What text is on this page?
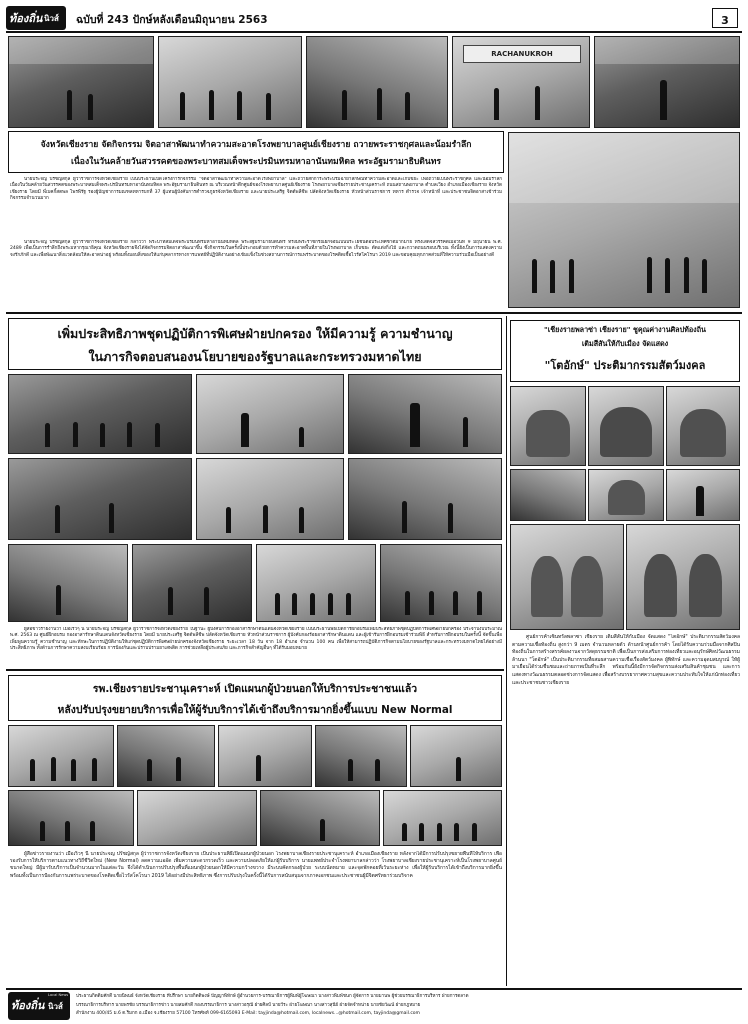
ท้องถิ่น นิวส์ ฉบับที่ 243 ปักษ์หลังเดือนมิถุนายน 2563	3
RACHANUKROH
จังหวัดเชียงราย จัดกิจกรรม จิตอาสาพัฒนาทำความสะอาดโรงพยาบาลศูนย์เชียงราย ถวายพระราชกุศลและน้อมรำลึก
เนื่องในวันคล้ายวันสวรรคตของพระบาทสมเด็จพระปรมินทรมหาอานันทมหิดล พระอัฐมรามาธิบดินทร
นายประจญ ปรัชญ์สกุล ผู้ว่าราชการจังหวัดเชียงราย เป็นประธานเปิดโครงการกิจกรรม "จิตอาสาพัฒนาทำความสะอาดโรงพยาบาล" และถวายสักการะพระบรมฉายาลักษณ์ทำความสะอาดและเก็บขยะ เพื่อถวายเป็นพระราชกุศล และน้อมรำลึกเนื่องในวันคล้ายวันสวรรคตของพระบาทสมเด็จพระปรมินทรมหาอานันทมหิดล พระอัฐมรามาธิบดินทร ณ บริเวณหน้าตึกศูนย์ของโรงพยาบาลศูนย์เชียงราย โรงพยาบาลเชียงรายประชานุเคราะห์ ถนนสถานพยาบาล ตำบลเวียง อำเภอเมืองเชียงราย จังหวัดเชียงราย โดยมี พี่เบคกี้สตพล ไพรพิรัฐ รองผู้บัญชาการมณฑลทหารบกที่ 37 ผู้แทนผู้บังคับการตำรวจภูธรจังหวัดเชียงราย และนายประเสริฐ จิตต์พลีชีพ ปลัดจังหวัดเชียงราย หัวหน้าส่วนราชการ ทหาร ตำรวจ เจ้าหน้าที่ และประชาชนจิตอาสาเข้าร่วมกิจกรรมจำนวนมาก
นายประจญ ปรัชญ์สกุล ผู้ว่าราชการจังหวัดเชียงราย กล่าวว่า พระบาทสมเด็จพระปรมินทรมหาอานันทมหิดล พระอัฐมรามาธิบดินทร ทรงมีพระราชกรณียกิจอันเป็นประโยชน์ต่อประเทศชาติมากมาย ทรงเสด็จสวรรคตเมื่อวันที่ 9 มิถุนายน พ.ศ. 2489 เพื่อเป็นการรำลึกถึงพระมหากรุณาธิคุณ จังหวัดเชียงรายจึงได้จัดกิจกรรมจิตอาสาพัฒนาขึ้น ซึ่งกิจกรรมในครั้งนี้ประกอบด้วยการทำความสะอาดพื้นที่ภายในโรงพยาบาล เก็บขยะ ตัดแต่งกิ่งไม้ และกวาดถนนรอบบริเวณ ทั้งนี้ยังเป็นการแสดงความจงรักภักดี และเพื่อพัฒนาสิ่งแวดล้อมให้สะอาดน่าอยู่ พร้อมทั้งมอบสิ่งของให้แก่บุคลากรทางการแพทย์ที่ปฏิบัติงานอย่างเข้มแข็งในช่วงสถานการณ์การแพร่ระบาดของโรคติดเชื้อไวรัสโคโรนา 2019 และขอบคุณทุกภาคส่วนที่ให้ความร่วมมือเป็นอย่างดี
เพิ่มประสิทธิภาพชุดปฏิบัติการพิเศษฝ่ายปกครอง ให้มีความรู้ ความชำนาญ
ในภารกิจตอบสนองนโยบายของรัฐบาลและกระทรวงมหาดไทย
ผู้สื่อข่าวรายงานว่า เมื่อเร็วๆ นี้ นายประจญ ปรัชญ์สกุล ผู้ว่าราชการจังหวัดเชียงราย ในฐานะ ผู้บังคับการกองอาสารักษาดินแดนจังหวัดเชียงราย เป็นประธานพิธีเปิดการฝึกอบรมเพิ่มประสิทธิภาพชุดปฏิบัติการพิเศษฝ่ายปกครอง ประจำปีงบประมาณ พ.ศ. 2563 ณ ศูนย์ฝึกอบรม กองอาสารักษาดินแดนจังหวัดเชียงราย โดยมี นายประเสริฐ จิตต์พลีชีพ ปลัดจังหวัดเชียงราย หัวหน้าส่วนราชการ ผู้บังคับกองร้อยอาสารักษาดินแดน และผู้เข้ารับการฝึกอบรมเข้าร่วมพิธี สำหรับการฝึกอบรมในครั้งนี้ จัดขึ้นเพื่อเพิ่มพูนความรู้ ความชำนาญ และทักษะในการปฏิบัติงานให้แก่ชุดปฏิบัติการพิเศษฝ่ายปกครองจังหวัดเชียงราย ระยะเวลา 18 วัน จาก 18 อำเภอ จำนวน 100 คน เพื่อให้สามารถปฏิบัติภารกิจตามนโยบายของรัฐบาลและกระทรวงมหาดไทยได้อย่างมีประสิทธิภาพ ทั้งด้านการรักษาความสงบเรียบร้อย การป้องกันและปราบปรามยาเสพติด การช่วยเหลือผู้ประสบภัย และภารกิจสำคัญอื่นๆ ที่ได้รับมอบหมาย
"เชียงรายพลาซ่า เชียงราย" ชูคุณค่างานศิลปท้องถิ่น
เติมสีสันให้กับเมือง จัดแสดง
"โตอักษ์" ประติมากรรมสัตว์มงคล
ศูนย์การค้าเซ็นทรัลพลาซา เชียงราย เติมสีสันให้กับเมือง จัดแสดง "โตอักษ์" ประติมากรรมสัตว์มงคลตามความเชื่อท้องถิ่น สูงกว่า 9 เมตร จำนวนหลายตัว ด้านหน้าศูนย์การค้า โดยได้รับความร่วมมือจากศิลปินท้องถิ่นในการสร้างสรรค์ผลงานจากวัสดุธรรมชาติ เพื่อเป็นการส่งเสริมการท่องเที่ยวและอนุรักษ์ศิลปวัฒนธรรมล้านนา "โตอักษ์" เป็นประติมากรรมที่ผสมผสานความเชื่อเรื่องสัตว์มงคล ผู้พิทักษ์ และความอุดมสมบูรณ์ ให้ผู้มาเยือนได้ร่วมชื่นชมและถ่ายภาพเป็นที่ระลึก พร้อมกันนี้ยังมีการจัดกิจกรรมส่งเสริมสินค้าชุมชน และการแสดงทางวัฒนธรรมตลอดช่วงการจัดแสดง เพื่อสร้างบรรยากาศความสุขและความประทับใจให้แก่นักท่องเที่ยวและประชาชนชาวเชียงราย
รพ.เชียงรายประชานุเคราะห์ เปิดแผนกผู้ป่วยนอกให้บริการประชาชนแล้ว
หลังปรับปรุงขยายบริการเพื่อให้ผู้รับบริการได้เข้าถึงบริการมากยิ่งขึ้นแบบ New Normal
ผู้สื่อข่าวรายงานว่า เมื่อเร็วๆ นี้ นายประจญ ปรัชญ์สกุล ผู้ว่าราชการจังหวัดเชียงราย เป็นประธานพิธีเปิดแผนกผู้ป่วยนอก โรงพยาบาลเชียงรายประชานุเคราะห์ อำเภอเมืองเชียงราย หลังจากได้มีการปรับปรุงขยายพื้นที่ให้บริการ เพื่อรองรับการให้บริการตามแนวทางวิถีชีวิตใหม่ (New Normal) ลดความแออัด เพิ่มความสะดวกรวดเร็ว และความปลอดภัยให้แก่ผู้รับบริการ นายแพทย์ประจำโรงพยาบาลกล่าวว่า โรงพยาบาลเชียงรายประชานุเคราะห์เป็นโรงพยาบาลศูนย์ขนาดใหญ่ มีผู้มารับบริการเป็นจำนวนมากในแต่ละวัน จึงได้ดำเนินการปรับปรุงพื้นที่แผนกผู้ป่วยนอกให้มีความกว้างขวาง มีระบบคัดกรองผู้ป่วย ระบบนัดหมาย และจุดพักคอยที่เว้นระยะห่าง เพื่อให้ผู้รับบริการได้เข้าถึงบริการมากยิ่งขึ้น พร้อมทั้งเป็นการป้องกันการแพร่ระบาดของโรคติดเชื้อไวรัสโคโรนา 2019 ได้อย่างมีประสิทธิภาพ ซึ่งการปรับปรุงในครั้งนี้ได้รับการสนับสนุนจากภาคเอกชนและประชาชนผู้มีจิตศรัทธาร่วมบริจาค
ท้องถิ่น นิวส์
Local News ประธานกิตติมศักดิ์ นายนิพนธ์ จังหวัดเชียงราย ที่ปรึกษา นายกิตติพงษ์ ปัญญาพิทักษ์ ผู้อำนวยการ-บรรณาธิการผู้พิมพ์ผู้โฆษณา นางสาวพิมพ์ชนก ผู้จัดการ นายมานพ ผู้ช่วยบรรณาธิการบริหาร ฝ่ายการตลาด
บรรณาธิการบริหาร นายพรชัย บรรณาธิการข่าว นายสมศักดิ์ กองบรรณาธิการ นางสาวอรุณี ฝ่ายศิลป์ นายวีระ ฝ่ายโฆษณา นางสาวสุนีย์ ฝ่ายจัดจำหน่าย นายชัยวัฒน์ ฝ่ายกฎหมาย
สำนักงาน 400/45 ม.6 ต.ริมกก อ.เมือง จ.เชียงราย 57100 โทรศัพท์ 099-6165093 E-Mail: tayjinda@hotmail.com, localnews...@hotmail.com, tayjinda@gmail.com
